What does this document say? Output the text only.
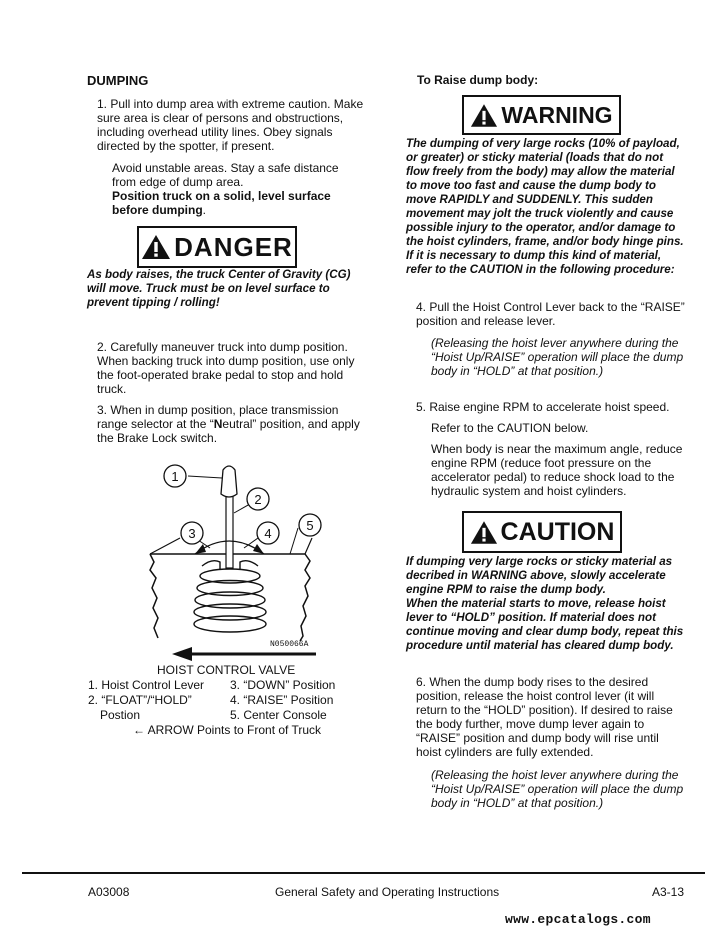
DUMPING

1. Pull into dump area with extreme caution. Make sure area is clear of persons and obstructions, including overhead utility lines. Obey signals directed by the spotter, if present.

Avoid unstable areas. Stay a safe distance from edge of dump area.

Position truck on a solid, level surface before dumping.

DANGER

As body raises, the truck Center of Gravity (CG) will move. Truck must be on level surface to prevent tipping / rolling!

2. Carefully maneuver truck into dump position. When backing truck into dump position, use only the foot-operated brake pedal to stop and hold truck.

3. When in dump position, place transmission range selector at the “Neutral” position, and apply the Brake Lock switch.

1
2
3	4
5
N050066A
HOIST CONTROL VALVE
1. Hoist Control Lever 3. “DOWN” Position
2. “FLOAT”/“HOLD”	4. “RAISE” Position
Postion	5. Center Console
← ARROW Points to Front of Truck
To Raise dump body:
WARNING

The dumping of very large rocks (10% of payload, or greater) or sticky material (loads that do not flow freely from the body) may allow the material to move too fast and cause the dump body to move RAPIDLY and SUDDENLY. This sudden movement may jolt the truck violently and cause possible injury to the operator, and/or damage to the hoist cylinders, frame, and/or body hinge pins. If it is necessary to dump this kind of material, refer to the CAUTION in the following procedure:

4. Pull the Hoist Control Lever back to the “RAISE” position and release lever.

(Releasing the hoist lever anywhere during the “Hoist Up/RAISE” operation will place the dump body in “HOLD” at that position.)

5. Raise engine RPM to accelerate hoist speed.

Refer to the CAUTION below.

When body is near the maximum angle, reduce engine RPM (reduce foot pressure on the accelerator pedal) to reduce shock load to the hydraulic system and hoist cylinders.

CAUTION

If dumping very large rocks or sticky material as decribed in WARNING above, slowly accelerate engine RPM to raise the dump body.

When the material starts to move, release hoist lever to “HOLD” position. If material does not continue moving and clear dump body, repeat this procedure until material has cleared dump body.

6. When the dump body rises to the desired position, release the hoist control lever (it will return to the “HOLD” position). If desired to raise the body further, move dump lever again to “RAISE” position and dump body will rise until hoist cylinders are fully extended.

(Releasing the hoist lever anywhere during the “Hoist Up/RAISE” operation will place the dump body in “HOLD” at that position.)

A03008	General Safety and Operating Instructions	A3-13
www.epcatalogs.com
